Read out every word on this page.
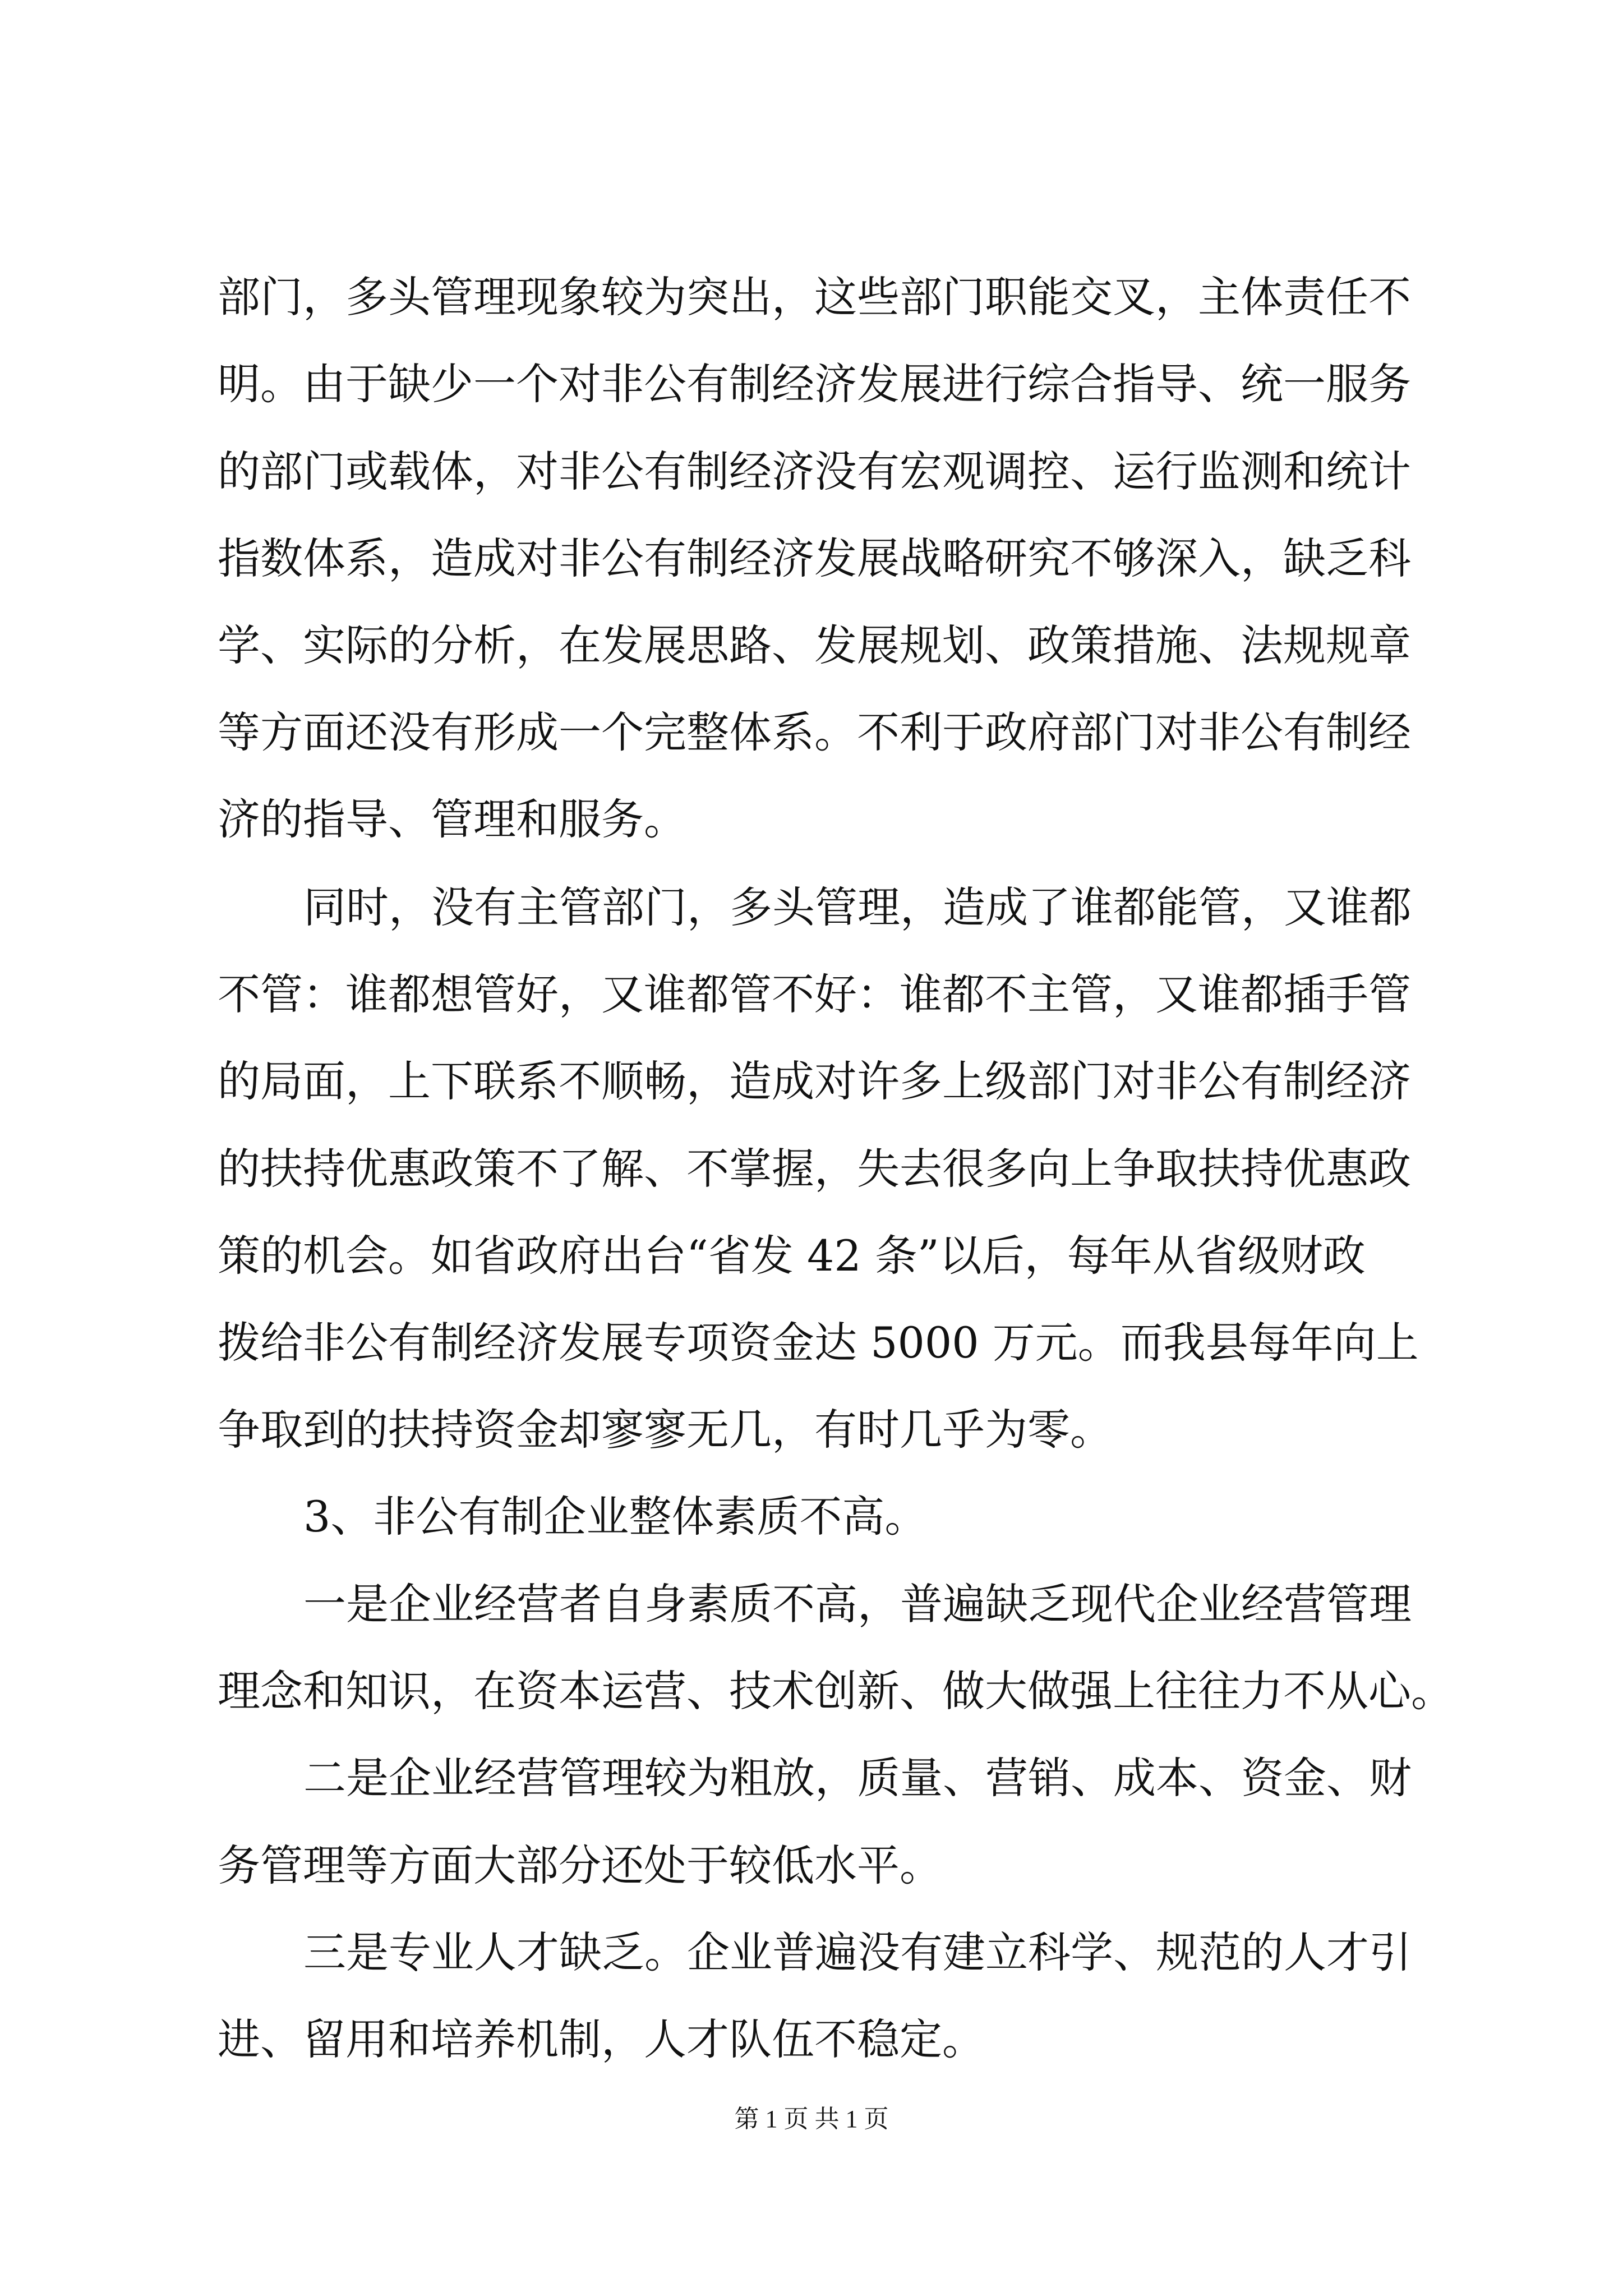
部门，多头管理现象较为突出，这些部门职能交叉，主体责任不
明。由于缺少一个对非公有制经济发展进行综合指导、统一服务
的部门或载体，对非公有制经济没有宏观调控、运行监测和统计
指数体系，造成对非公有制经济发展战略研究不够深入，缺乏科
学、实际的分析，在发展思路、发展规划、政策措施、法规规章
等方面还没有形成一个完整体系。不利于政府部门对非公有制经
济的指导、管理和服务。
同时，没有主管部门，多头管理，造成了谁都能管，又谁都
不管：谁都想管好，又谁都管不好：谁都不主管，又谁都插手管
的局面，上下联系不顺畅，造成对许多上级部门对非公有制经济
的扶持优惠政策不了解、不掌握，失去很多向上争取扶持优惠政
策的机会。如省政府出台“省发 42 条”以后，每年从省级财政
拨给非公有制经济发展专项资金达 5000 万元。而我县每年向上
争取到的扶持资金却寥寥无几，有时几乎为零。
3、非公有制企业整体素质不高。
一是企业经营者自身素质不高，普遍缺乏现代企业经营管理
理念和知识，在资本运营、技术创新、做大做强上往往力不从心。
二是企业经营管理较为粗放，质量、营销、成本、资金、财
务管理等方面大部分还处于较低水平。
三是专业人才缺乏。企业普遍没有建立科学、规范的人才引
进、留用和培养机制，人才队伍不稳定。
第 1 页 共 1 页
